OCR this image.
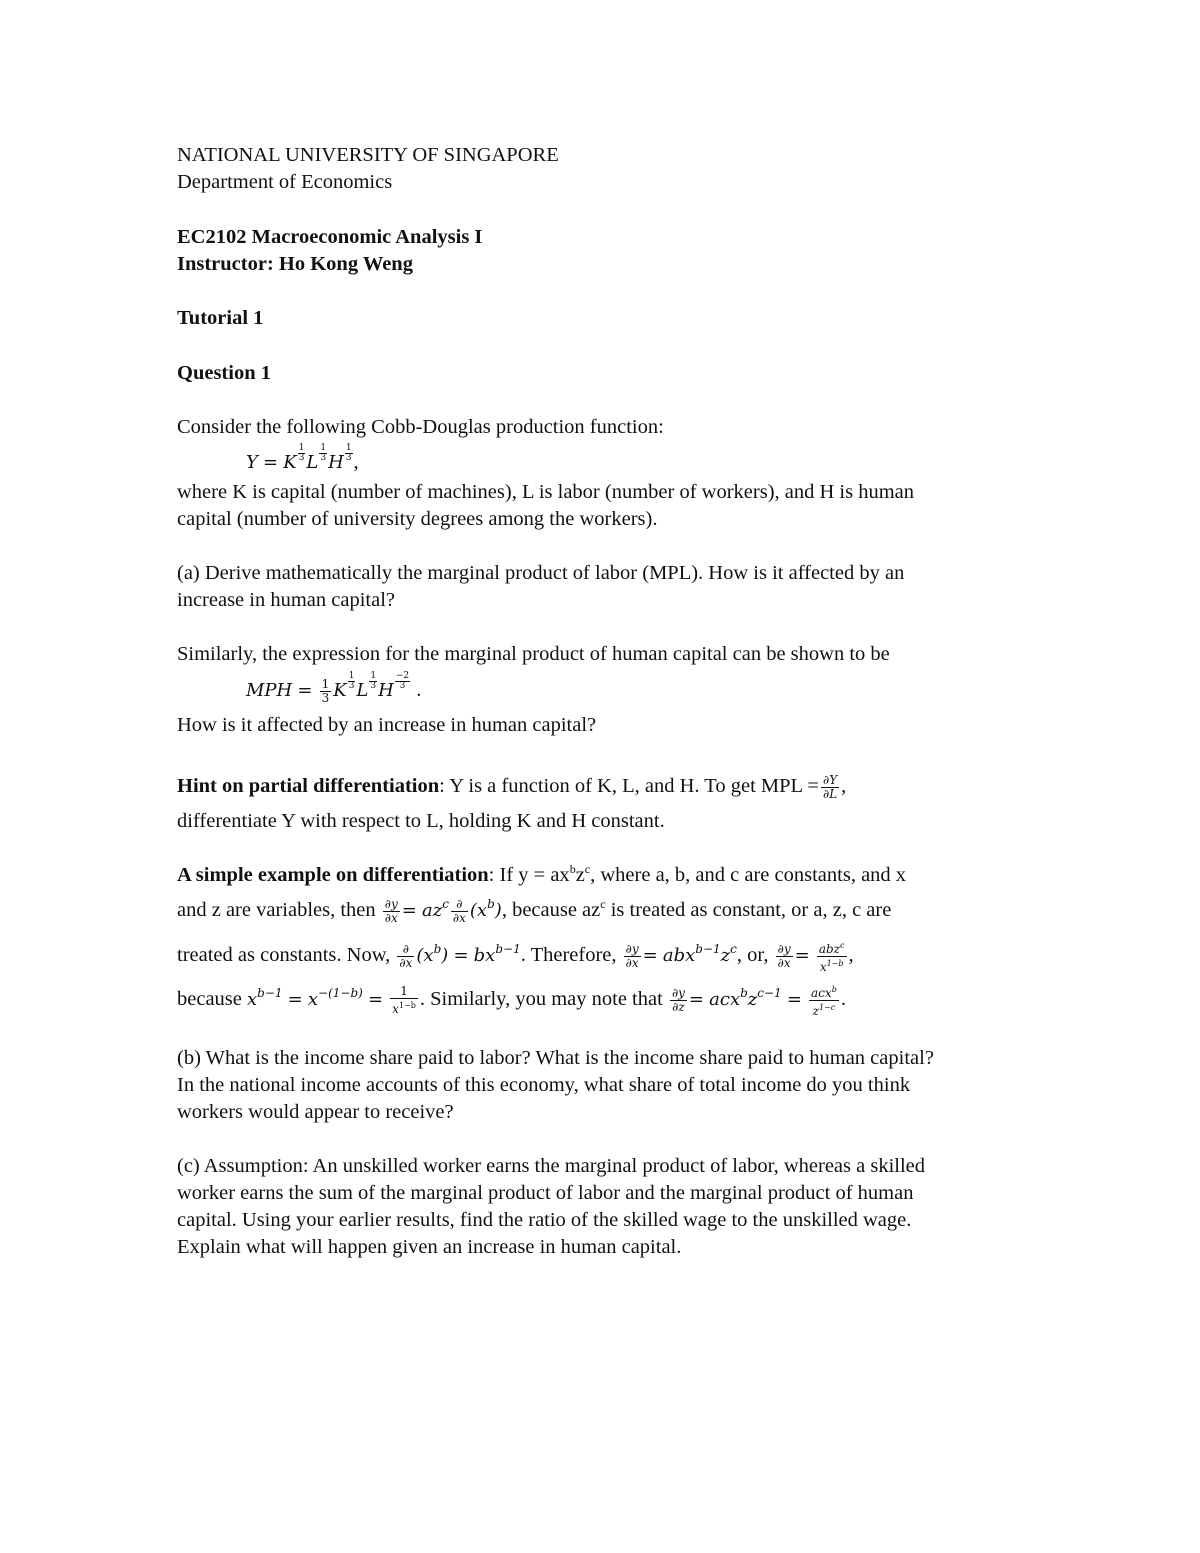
NATIONAL UNIVERSITY OF SINGAPORE
Department of Economics
EC2102 Macroeconomic Analysis I
Instructor: Ho Kong Weng
Tutorial 1
Question 1
Consider the following Cobb-Douglas production function:
Y = K $\frac{1}{3}$ L $\frac{1}{3}$ H $\frac{1}{3}$ ,
where K is capital (number of machines), L is labor (number of workers), and H is human
capital (number of university degrees among the workers).
(a) Derive mathematically the marginal product of labor (MPL). How is it affected by an
increase in human capital?
Similarly, the expression for the marginal product of human capital can be shown to be
MPH = $\frac{1}{3}$ K $\frac{1}{3}$ L $\frac{1}{3}$ H $\frac{-2}{3}$ .
How is it affected by an increase in human capital?
Hint on partial differentiation: Y is a function of K, L, and H. To get MPL = $\frac{\partial Y}{\partial L}$ ,
differentiate Y with respect to L, holding K and H constant.
A simple example on differentiation: If $y = ax^bz^c$, where a, b, and c are constants, and x
and z are variables, then $\frac{\partial y}{\partial x} = az^c \frac{\partial}{\partial x} (x^b)$, because $az^c$ is treated as constant, or a, z, c are
treated as constants. Now, $\frac{\partial}{\partial x} (x^b) = bx^{b-1}$. Therefore, $\frac{\partial y}{\partial x} = abx^{b-1}z^c$, or, $\frac{\partial y}{\partial x} = \frac{abz^c}{x^{1-b}}$ ,
because $x^{b-1} = x^{-(1-b)} = \frac{1}{x^{1-b}}$ . Similarly, you may note that $\frac{\partial y}{\partial z} = acx^bz^{c-1} = \frac{acx^b}{z^{1-c}}$ .
(b) What is the income share paid to labor? What is the income share paid to human capital?
In the national income accounts of this economy, what share of total income do you think
workers would appear to receive?
(c) Assumption: An unskilled worker earns the marginal product of labor, whereas a skilled
worker earns the sum of the marginal product of labor and the marginal product of human
capital. Using your earlier results, find the ratio of the skilled wage to the unskilled wage.
Explain what will happen given an increase in human capital.
